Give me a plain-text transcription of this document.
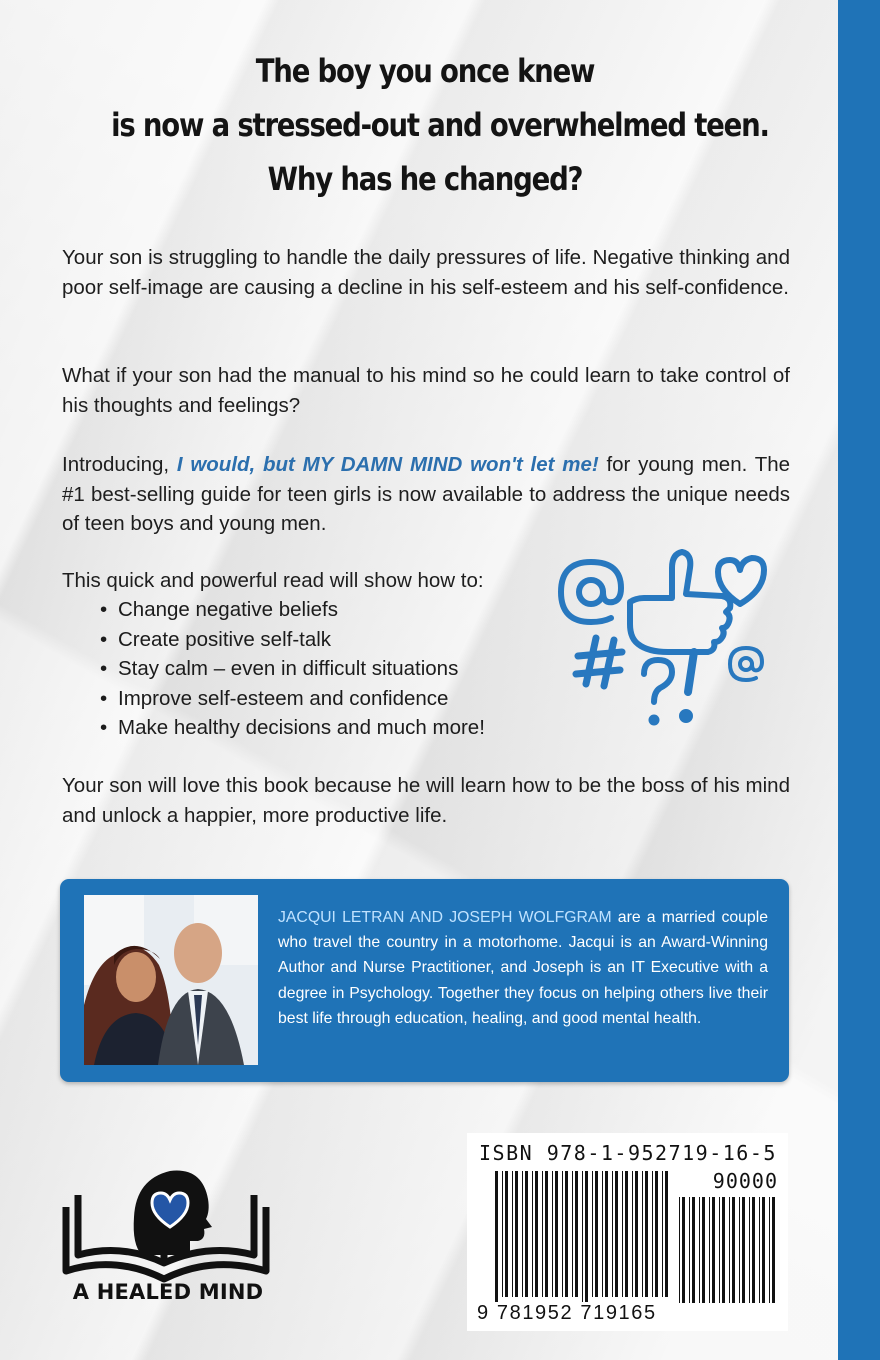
The boy you once knew
is now a stressed-out and overwhelmed teen.
Why has he changed?
Your son is struggling to handle the daily pressures of life. Negative thinking and poor self-image are causing a decline in his self-esteem and his self-confidence.
What if your son had the manual to his mind so he could learn to take control of his thoughts and feelings?
Introducing, I would, but MY DAMN MIND won't let me! for young men. The #1 best-selling guide for teen girls is now available to address the unique needs of teen boys and young men.
This quick and powerful read will show how to:
• Change negative beliefs
• Create positive self-talk
• Stay calm – even in difficult situations
• Improve self-esteem and confidence
• Make healthy decisions and much more!
Your son will love this book because he will learn how to be the boss of his mind and unlock a happier, more productive life.
JACQUI LETRAN AND JOSEPH WOLFGRAM are a married couple who travel the country in a motorhome. Jacqui is an Award-Winning Author and Nurse Practitioner, and Joseph is an IT Executive with a degree in Psychology. Together they focus on helping others live their best life through education, healing, and good mental health.
A HEALED MIND
ISBN 978-1-952719-16-5
90000
9 781952 719165
